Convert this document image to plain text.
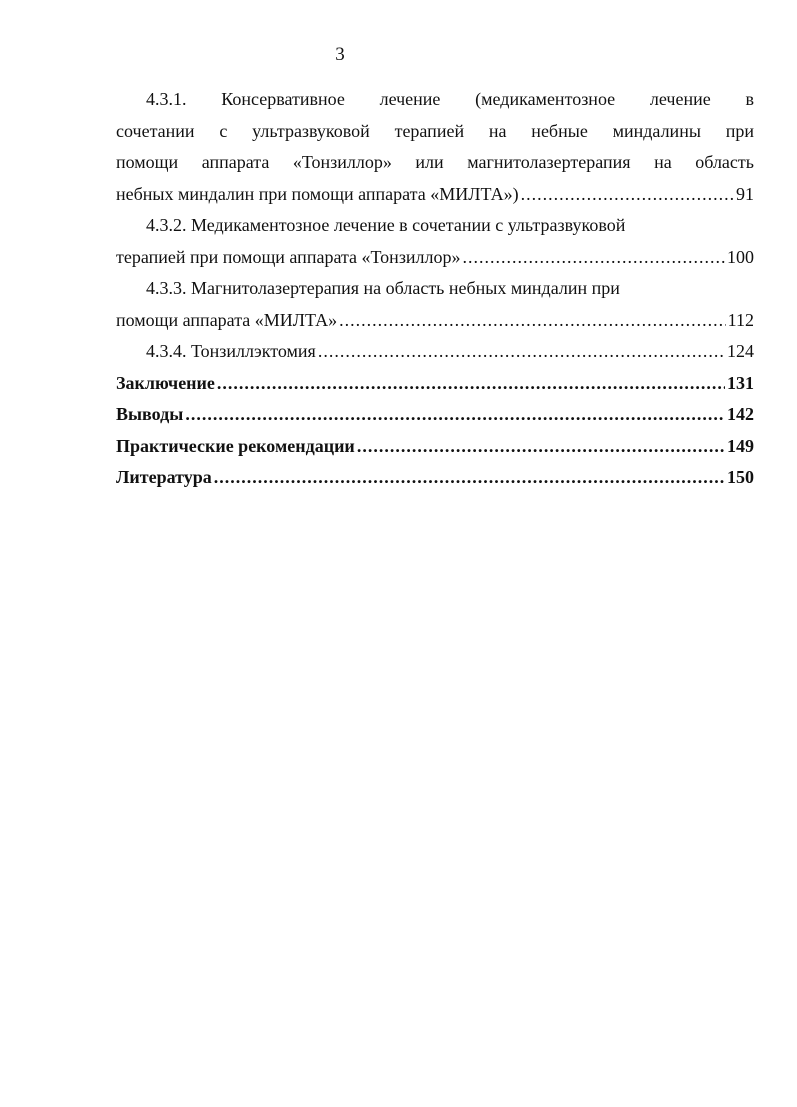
3
4.3.1. Консервативное лечение (медикаментозное лечение в
сочетании с ультразвуковой терапией на небные миндалины при
помощи аппарата «Тонзиллор» или магнитолазертерапия на область
небных миндалин при помощи аппарата «МИЛТА») .....	91
4.3.2. Медикаментозное лечение в сочетании с ультразвуковой
терапией при помощи аппарата «Тонзиллор» .....	100
4.3.3. Магнитолазертерапия на область небных миндалин при
помощи аппарата «МИЛТА» .....	112
4.3.4. Тонзиллэктомия .....	124
Заключение .....	131
Выводы .....	142
Практические рекомендации .....	149
Литература .....	150
